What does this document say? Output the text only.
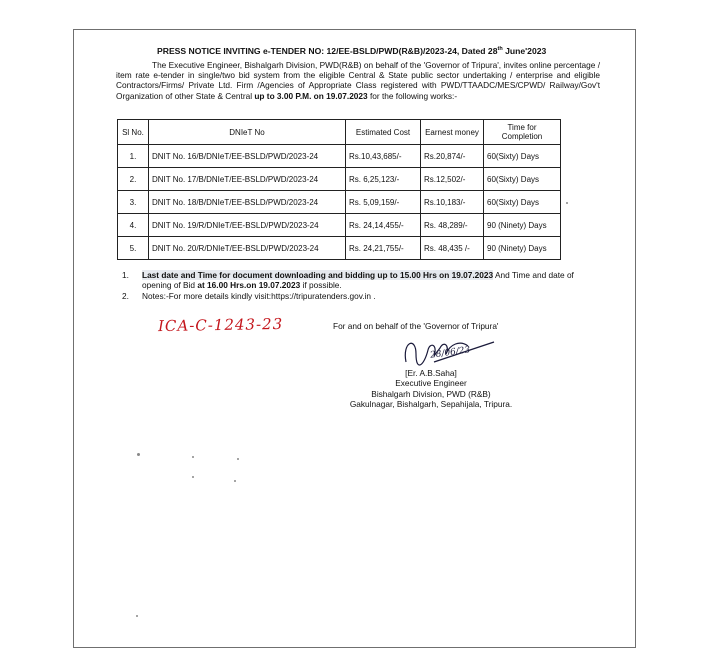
PRESS NOTICE INVITING e-TENDER NO: 12/EE-BSLD/PWD(R&B)/2023-24, Dated 28th June'2023
The Executive Engineer, Bishalgarh Division, PWD(R&B) on behalf of the 'Governor of Tripura', invites online percentage / item rate e-tender in single/two bid system from the eligible Central & State public sector undertaking / enterprise and eligible Contractors/Firms/ Private Ltd. Firm /Agencies of Appropriate Class registered with PWD/TTAADC/MES/CPWD/ Railway/Gov't Organization of other State & Central up to 3.00 P.M. on 19.07.2023 for the following works:-
Sl No.	DNIeT No	Estimated Cost	Earnest money	Time for Completion
1.	DNIT No. 16/B/DNIeT/EE-BSLD/PWD/2023-24	Rs.10,43,685/-	Rs.20,874/-	60(Sixty) Days
2.	DNIT No. 17/B/DNIeT/EE-BSLD/PWD/2023-24	Rs. 6,25,123/-	Rs.12,502/-	60(Sixty) Days
3.	DNIT No. 18/B/DNIeT/EE-BSLD/PWD/2023-24	Rs. 5,09,159/-	Rs.10,183/-	60(Sixty) Days
4.	DNIT No. 19/R/DNIeT/EE-BSLD/PWD/2023-24	Rs. 24,14,455/-	Rs. 48,289/-	90 (Ninety) Days
5.	DNIT No. 20/R/DNIeT/EE-BSLD/PWD/2023-24	Rs. 24,21,755/-	Rs. 48,435 /-	90 (Ninety) Days
1.	Last date and Time for document downloading and bidding up to 15.00 Hrs on 19.07.2023 And Time and date of opening of Bid at 16.00 Hrs.on 19.07.2023 if possible.
2.	Notes:-For more details kindly visit:https://tripuratenders.gov.in .
ICA-C-1243-23	For and on behalf of the 'Governor of Tripura'
28/06/23
[Er. A.B.Saha]
Executive Engineer
Bishalgarh Division, PWD (R&B)
Gakulnagar, Bishalgarh, Sepahijala, Tripura.
